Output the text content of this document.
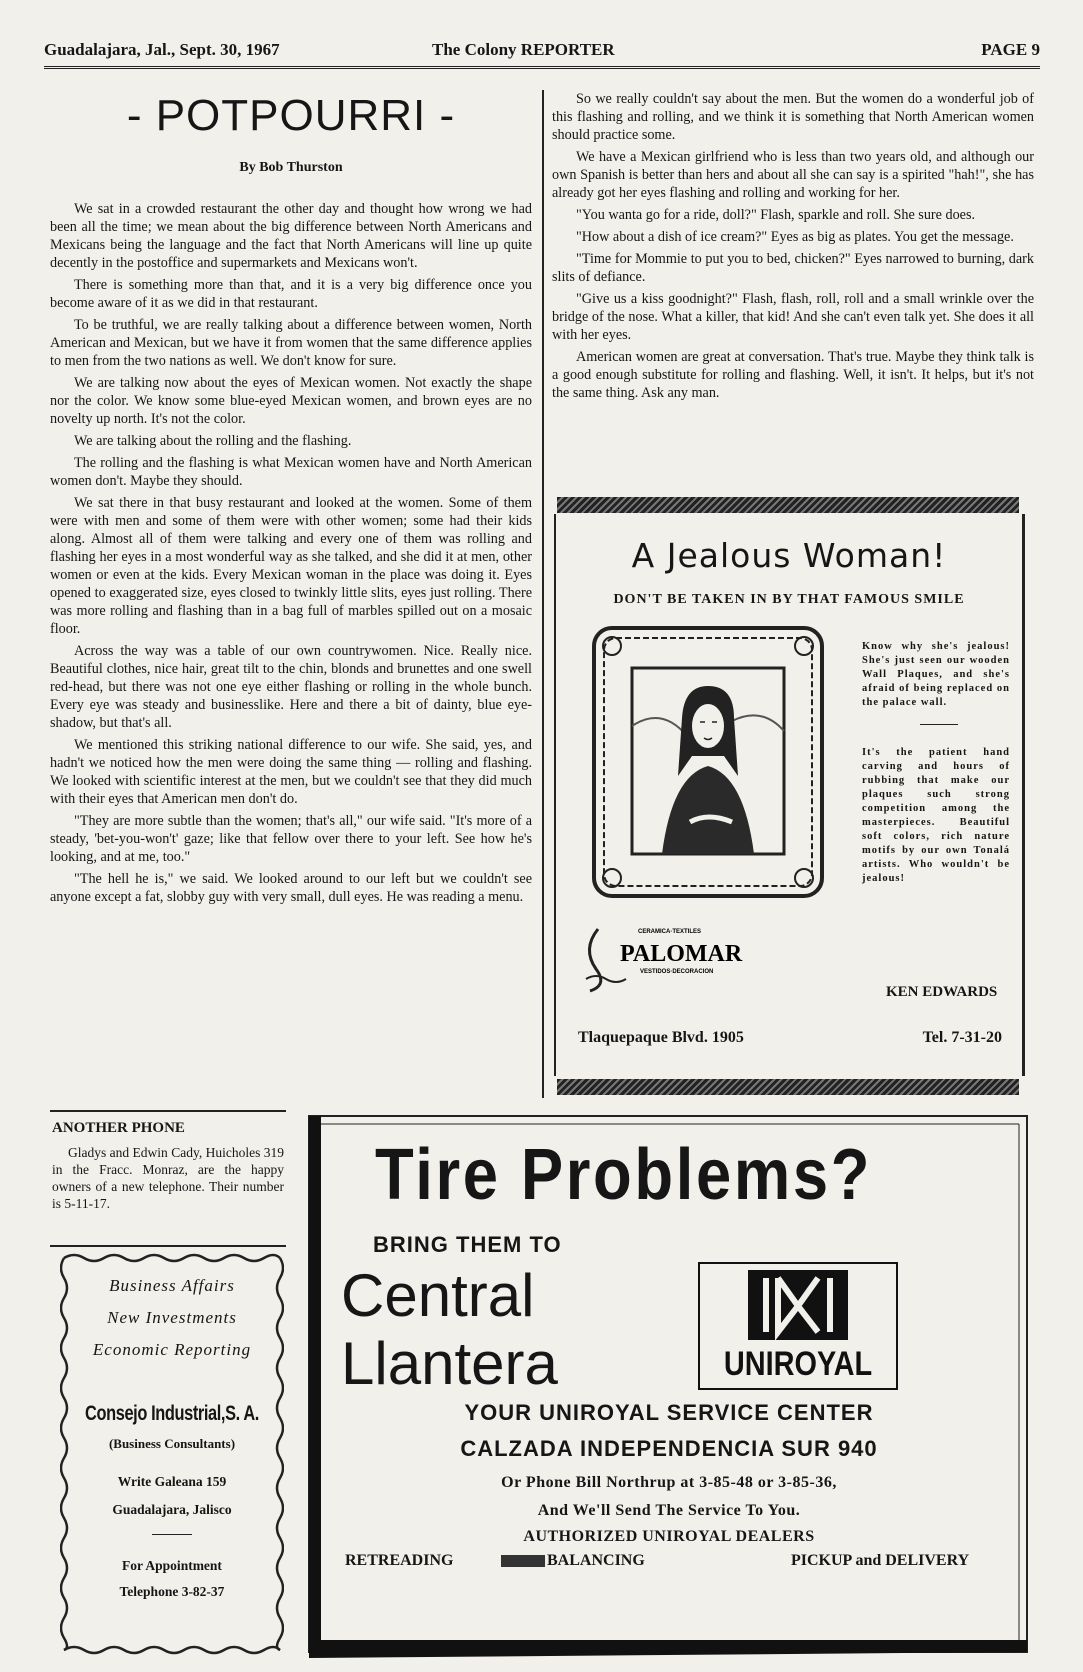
Guadalajara, Jal., Sept. 30, 1967	The Colony REPORTER	PAGE 9
- POTPOURRI -
By Bob Thurston

We sat in a crowded restaurant the other day and thought how wrong we had been all the time; we mean about the big difference between North Americans and Mexicans being the language and the fact that North Americans will line up quite decently in the postoffice and supermarkets and Mexicans won't.

There is something more than that, and it is a very big difference once you become aware of it as we did in that restaurant.

To be truthful, we are really talking about a difference between women, North American and Mexican, but we have it from women that the same difference applies to men from the two nations as well. We don't know for sure.

We are talking now about the eyes of Mexican women. Not exactly the shape nor the color. We know some blue-eyed Mexican women, and brown eyes are no novelty up north. It's not the color.

We are talking about the rolling and the flashing.

The rolling and the flashing is what Mexican women have and North American women don't. Maybe they should.

We sat there in that busy restaurant and looked at the women. Some of them were with men and some of them were with other women; some had their kids along. Almost all of them were talking and every one of them was rolling and flashing her eyes in a most wonderful way as she talked, and she did it at men, other women or even at the kids. Every Mexican woman in the place was doing it. Eyes opened to exaggerated size, eyes closed to twinkly little slits, eyes just rolling. There was more rolling and flashing than in a bag full of marbles spilled out on a mosaic floor.

Across the way was a table of our own countrywomen. Nice. Really nice. Beautiful clothes, nice hair, great tilt to the chin, blonds and brunettes and one swell red-head, but there was not one eye either flashing or rolling in the whole bunch. Every eye was steady and businesslike. Here and there a bit of dainty, blue eye-shadow, but that's all.

We mentioned this striking national difference to our wife. She said, yes, and hadn't we noticed how the men were doing the same thing — rolling and flashing. We looked with scientific interest at the men, but we couldn't see that they did much with their eyes that American men don't do.

"They are more subtle than the women; that's all," our wife said. "It's more of a steady, 'bet-you-won't' gaze; like that fellow over there to your left. See how he's looking, and at me, too."

"The hell he is," we said. We looked around to our left but we couldn't see anyone except a fat, slobby guy with very small, dull eyes. He was reading a menu.

So we really couldn't say about the men. But the women do a wonderful job of this flashing and rolling, and we think it is something that North American women should practice some.

We have a Mexican girlfriend who is less than two years old, and although our own Spanish is better than hers and about all she can say is a spirited "hah!", she has already got her eyes flashing and rolling and working for her.

"You wanta go for a ride, doll?" Flash, sparkle and roll. She sure does.

"How about a dish of ice cream?" Eyes as big as plates. You get the message.

"Time for Mommie to put you to bed, chicken?" Eyes narrowed to burning, dark slits of defiance.

"Give us a kiss goodnight?" Flash, flash, roll, roll and a small wrinkle over the bridge of the nose. What a killer, that kid! And she can't even talk yet. She does it all with her eyes.

American women are great at conversation. That's true. Maybe they think talk is a good enough substitute for rolling and flashing. Well, it isn't. It helps, but it's not the same thing. Ask any man.

A Jealous Woman!
DON'T BE TAKEN IN BY THAT FAMOUS SMILE
Know why she's jealous! She's just seen our wooden Wall Plaques, and she's afraid of being replaced on the palace wall.
It's the patient hand carving and hours of rubbing that make our plaques such strong competition among the masterpieces. Beautiful soft colors, rich nature motifs by our own Tonalá artists. Who wouldn't be jealous!
CERAMICA·TEXTILES
PALOMAR
VESTIDOS·DECORACION
KEN EDWARDS
Tlaquepaque Blvd. 1905	Tel. 7-31-20
ANOTHER PHONE

Gladys and Edwin Cady, Huicholes 319 in the Fracc. Monraz, are the happy owners of a new telephone. Their number is 5-11-17.

Business Affairs
New Investments
Economic Reporting
Consejo Industrial,S. A.
(Business Consultants)
Write Galeana 159
Guadalajara, Jalisco
For Appointment
Telephone 3-82-37
Tire Problems?
BRING THEM TO
Central
Llantera	UNIROYAL
YOUR UNIROYAL SERVICE CENTER
CALZADA INDEPENDENCIA SUR 940
Or Phone Bill Northrup at 3-85-48 or 3-85-36,
And We'll Send The Service To You.
AUTHORIZED UNIROYAL DEALERS
RETREADING	BALANCING	PICKUP and DELIVERY
